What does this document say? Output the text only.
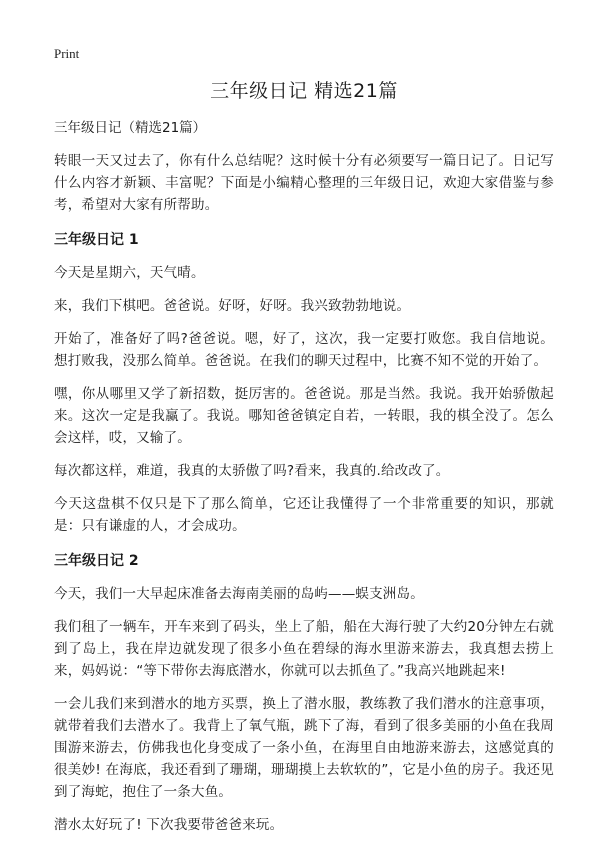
Print
三年级日记 精选21篇
三年级日记（精选21篇）

转眼一天又过去了，你有什么总结呢？这时候十分有必须要写一篇日记了。日记写什么内容才新颖、丰富呢？下面是小编精心整理的三年级日记，欢迎大家借鉴与参考，希望对大家有所帮助。

三年级日记 1

今天是星期六，天气晴。

来，我们下棋吧。爸爸说。好呀，好呀。我兴致勃勃地说。

开始了，准备好了吗?爸爸说。嗯，好了，这次，我一定要打败您。我自信地说。想打败我，没那么简单。爸爸说。在我们的聊天过程中，比赛不知不觉的开始了。

嘿，你从哪里又学了新招数，挺厉害的。爸爸说。那是当然。我说。我开始骄傲起来。这次一定是我赢了。我说。哪知爸爸镇定自若，一转眼，我的棋全没了。怎么会这样，哎，又输了。

每次都这样，难道，我真的太骄傲了吗?看来，我真的.给改改了。

今天这盘棋不仅只是下了那么简单，它还让我懂得了一个非常重要的知识，那就是：只有谦虚的人，才会成功。

三年级日记 2

今天，我们一大早起床准备去海南美丽的岛屿——蜈支洲岛。

我们租了一辆车，开车来到了码头，坐上了船，船在大海行驶了大约20分钟左右就到了岛上，我在岸边就发现了很多小鱼在碧绿的海水里游来游去，我真想去捞上来，妈妈说：“等下带你去海底潜水，你就可以去抓鱼了。”我高兴地跳起来!

一会儿我们来到潜水的地方买票，换上了潜水服，教练教了我们潜水的注意事项，就带着我们去潜水了。我背上了氧气瓶，跳下了海，看到了很多美丽的小鱼在我周围游来游去，仿佛我也化身变成了一条小鱼，在海里自由地游来游去，这感觉真的很美妙! 在海底，我还看到了珊瑚，珊瑚摸上去软软的”，它是小鱼的房子。我还见到了海蛇，抱住了一条大鱼。

潜水太好玩了! 下次我要带爸爸来玩。
